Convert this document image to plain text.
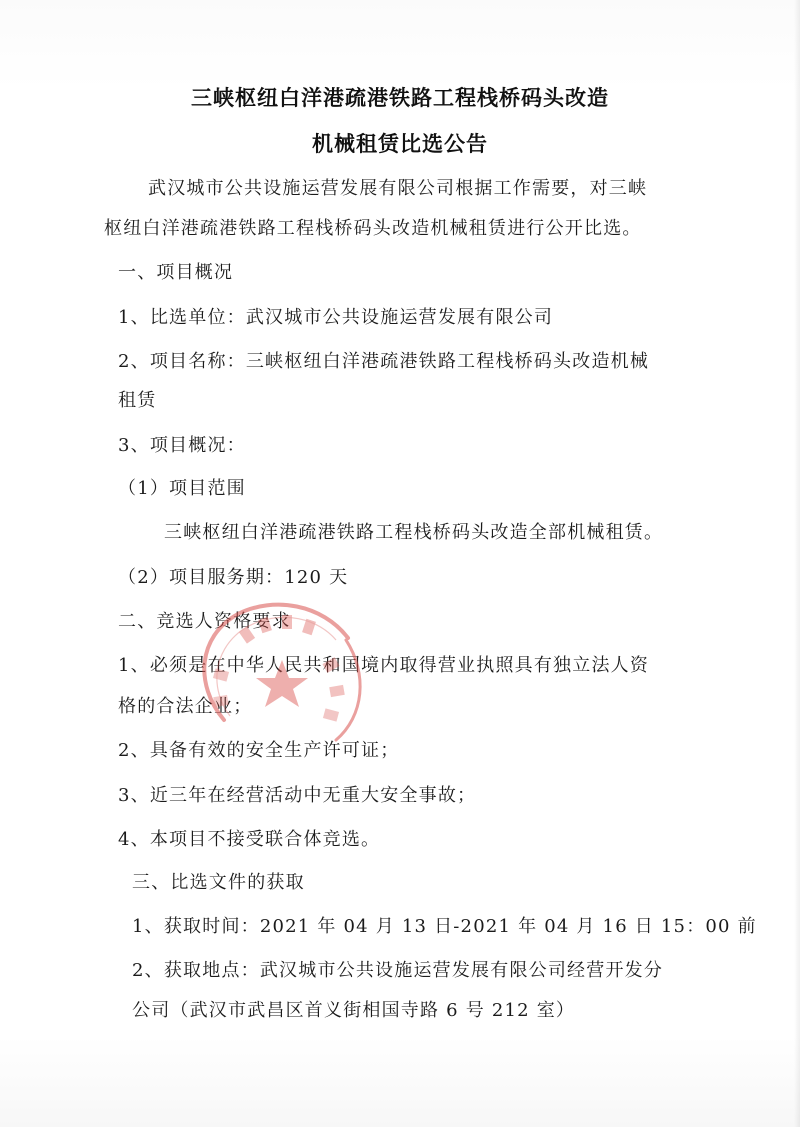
三峡枢纽白洋港疏港铁路工程栈桥码头改造
机械租赁比选公告
武汉城市公共设施运营发展有限公司根据工作需要，对三峡
枢纽白洋港疏港铁路工程栈桥码头改造机械租赁进行公开比选。
一、项目概况
1、比选单位：武汉城市公共设施运营发展有限公司
2、项目名称：三峡枢纽白洋港疏港铁路工程栈桥码头改造机械
租赁
3、项目概况：
（1）项目范围
三峡枢纽白洋港疏港铁路工程栈桥码头改造全部机械租赁。
（2）项目服务期：120 天
二、竞选人资格要求
1、必须是在中华人民共和国境内取得营业执照具有独立法人资
格的合法企业；
2、具备有效的安全生产许可证；
3、近三年在经营活动中无重大安全事故；
4、本项目不接受联合体竞选。
三、比选文件的获取
1、获取时间：2021 年 04 月 13 日-2021 年 04 月 16 日 15：00 前
2、获取地点：武汉城市公共设施运营发展有限公司经营开发分
公司（武汉市武昌区首义街相国寺路 6 号 212 室）
